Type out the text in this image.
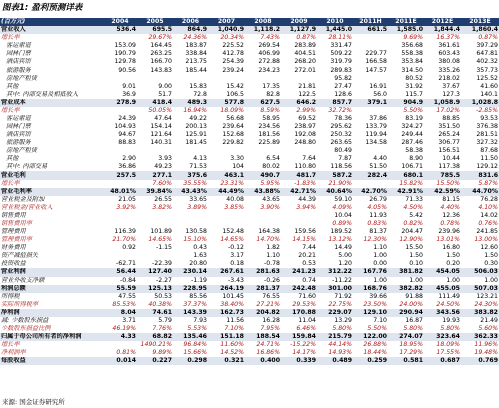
图表1: 盈利预测详表
(百万元)	2004	2005	2006	2007	2008	2009	2010	2011H	2011E	2012E	2013E
营业收入	536.4	695.5	864.9	1,040.9	1,118.2	1,127.9	1,445.0	661.5	1,585.0	1,844.4	1,860.4
增长率		29.67%	24.36%	20.34%	7.43%	0.87%	28.11%		9.69%	16.37%	0.87%
客运索道	153.09	164.45	183.87	225.52	269.54	283.89	331.47		356.68	361.61	397.29
园林门票	190.79	263.25	338.84	412.78	406.99	404.51	509.22	229.77	558.38	603.43	647.81
酒店宾馆	129.78	166.70	213.75	254.39	272.88	268.20	319.79	166.58	353.84	380.08	402.32
旅游服务	90.56	143.83	185.44	239.24	234.23	272.01	289.83	147.57	314.50	335.26	357.73
房地产租赁							95.82		80.52	218.02	125.52
其他	9.01	9.00	15.83	15.42	17.35	21.81	27.47	16.91	31.92	37.67	41.60
其中: 内部交易及相抵收入	36.9	51.7	72.8	106.5	82.8	122.5	128.6	56.0	115.7	127.3	140.1
营业成本	278.9	418.4	489.3	577.8	627.5	646.2	857.7	379.1	904.9	1,058.9	1,028.8
增长率		50.05%	16.94%	18.09%	8.59%	2.99%	32.72%		5.50%	17.02%	-2.85%
客运索道	24.39	47.64	49.22	56.68	58.95	69.52	78.36	37.86	83.19	88.85	93.53
园林门票	104.93	154.14	200.13	239.64	234.56	238.97	295.62	133.79	324.27	351.50	376.38
酒店宾馆	94.67	121.64	125.91	152.68	181.56	192.08	250.32	119.94	249.44	265.24	281.51
旅游服务	88.83	140.31	181.45	229.82	225.89	248.80	263.65	134.58	287.46	306.77	327.32
房地产租赁							80.49		58.38	156.51	87.68
其他	2.90	3.93	4.13	3.30	6.54	7.64	7.87	4.40	8.90	10.44	11.50
其中: 内部交易	36.86	49.23	71.53	104	80.02	110.80	118.56	51.50	106.71	117.38	129.12
营业毛利	257.5	277.1	375.6	463.1	490.7	481.7	587.2	282.4	680.1	785.5	831.6
增长率		7.60%	35.55%	23.31%	5.95%	-1.83%	21.90%		15.82%	15.50%	5.87%
营业毛利率	48.01%	39.84%	43.43%	44.49%	43.88%	42.71%	40.64%	42.70%	42.91%	42.59%	44.70%
营业税金及附加	21.05	26.55	33.65	40.08	43.65	44.39	59.10	26.79	71.33	81.15	76.28
营业税金/营业收入	3.92%	3.82%	3.89%	3.85%	3.90%	3.94%	4.09%	4.05%	4.50%	4.40%	4.10%
销售费用							10.04	11.93	5.42	12.36	14.02
销售费用率							0.89%	0.83%	0.82%	0.78%	0.76%
管理费用	116.39	101.89	130.58	152.48	164.38	159.56	189.52	81.37	204.47	239.96	241.85
管理费用率	21.70%	14.65%	15.10%	14.65%	14.70%	14.15%	13.12%	12.30%	12.90%	13.01%	13.00%
财务费用	0.92	-1.15	0.43	-0.12	1.82	7.44	14.49	1.10	15.50	16.80	12.60
资产减值损失			1.63	3.17	1.10	20.21	5.00	1.00	1.50	1.50	1.50
投资收益	-62.71	-22.39	20.80	0.18	-0.78	0.53	1.20	0.00	0.10	0.20	0.30
营业利润	56.44	127.40	230.14	267.61	281.63	241.23	312.22	167.76	381.82	454.05	506.03
营业外收支净额	-0.84	-2.27	-1.19	-3.43	-0.26	0.74	-11.22	1.00	1.00	1.00	1.00
利润总额	55.59	125.13	228.95	264.19	281.37	242.48	301.00	168.76	382.82	455.05	507.03
所得税	47.55	50.53	85.56	101.45	76.55	71.60	71.92	39.66	91.88	111.49	123.21
实际所得税率	85.53%	40.38%	37.37%	38.40%	27.21%	29.53%	22.75%	23.50%	24.00%	24.50%	24.30%
净利润	8.04	74.61	143.39	162.73	204.82	170.88	229.07	129.10	290.94	343.56	383.82
减: 少数股东损益	3.71	5.79	7.93	11.56	16.28	11.04	13.29	7.10	16.87	19.93	21.49
少数股东损益比例	46.19%	7.76%	5.53%	7.10%	7.95%	6.46%	5.80%	5.50%	5.80%	5.80%	5.60%
归属于母公司所有者的净利润	4.33	68.82	135.46	151.18	188.54	159.84	215.79	122.00	274.07	323.64	362.33
增长率		1490.21%	96.84%	11.60%	24.71%	-15.22%	44.14%	26.88%	18.95%	18.09%	11.96%
净利润率	0.81%	9.89%	15.66%	14.52%	16.86%	14.17%	14.93%	18.44%	17.29%	17.55%	19.48%
每股收益	0.014	0.227	0.298	0.321	0.400	0.339	0.489	0.259	0.581	0.687	0.769
来源: 国金证券研究所
